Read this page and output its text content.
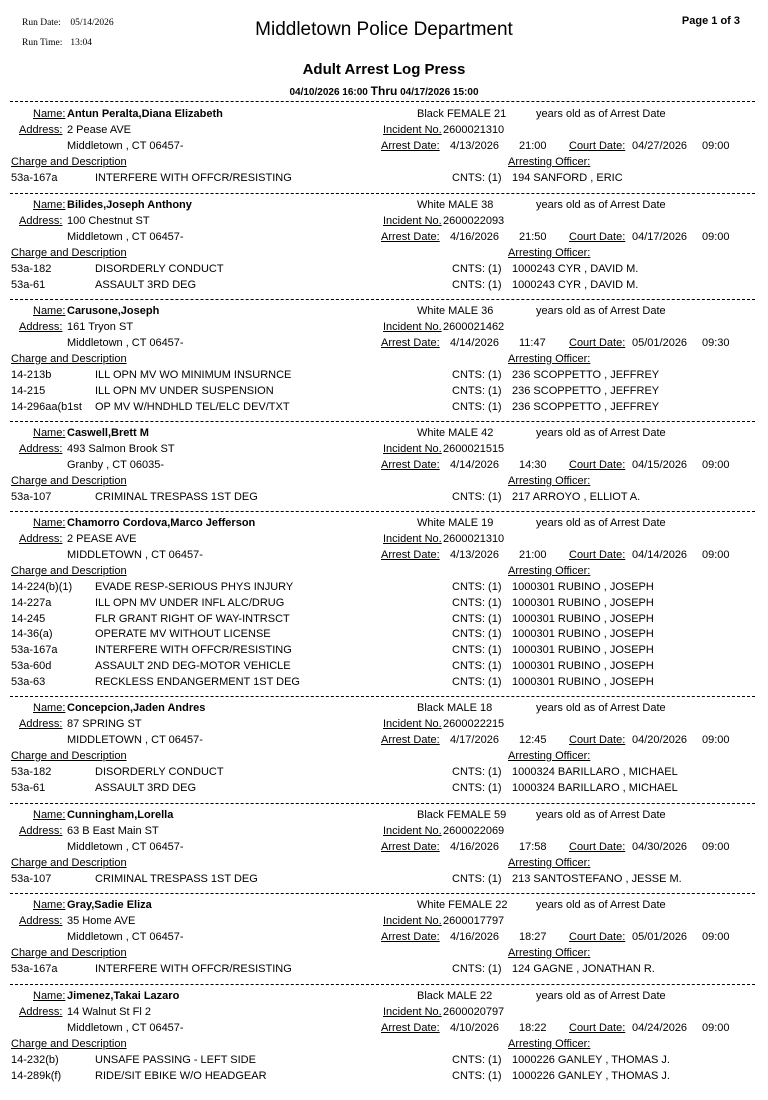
Run Date: 05/14/2026
Run Time: 13:04
Middletown Police Department	Page 1 of 3
Adult Arrest Log Press
04/10/2026 16:00 Thru 04/17/2026 15:00
Name: Antun Peralta,Diana Elizabeth	Black FEMALE 21	years old as of Arrest Date
Address: 2 Pease AVE	Incident No. 2600021310
Middletown , CT 06457-	Arrest Date: 4/13/2026 21:00 Court Date: 04/27/2026 09:00
Charge and Description	Arresting Officer:
53a-167a	INTERFERE WITH OFFCR/RESISTING	CNTS: (1) 194 SANFORD , ERIC
Name: Bilides,Joseph Anthony	White MALE 38	years old as of Arrest Date
Address: 100 Chestnut ST	Incident No. 2600022093
Middletown , CT 06457-	Arrest Date: 4/16/2026 21:50 Court Date: 04/17/2026 09:00
Charge and Description	Arresting Officer:
53a-182	DISORDERLY CONDUCT	CNTS: (1) 1000243 CYR , DAVID M.
53a-61	ASSAULT 3RD DEG	CNTS: (1) 1000243 CYR , DAVID M.
Name: Carusone,Joseph	White MALE 36	years old as of Arrest Date
Address: 161 Tryon ST	Incident No. 2600021462
Middletown , CT 06457-	Arrest Date: 4/14/2026 11:47 Court Date: 05/01/2026 09:30
Charge and Description	Arresting Officer:
14-213b	ILL OPN MV WO MINIMUM INSURNCE	CNTS: (1) 236 SCOPPETTO , JEFFREY
14-215	ILL OPN MV UNDER SUSPENSION	CNTS: (1) 236 SCOPPETTO , JEFFREY
14-296aa(b1st OP MV W/HNDHLD TEL/ELC DEV/TXT	CNTS: (1) 236 SCOPPETTO , JEFFREY
Name: Caswell,Brett M	White MALE 42	years old as of Arrest Date
Address: 493 Salmon Brook ST	Incident No. 2600021515
Granby , CT 06035-	Arrest Date: 4/14/2026 14:30 Court Date: 04/15/2026 09:00
Charge and Description	Arresting Officer:
53a-107	CRIMINAL TRESPASS 1ST DEG	CNTS: (1) 217 ARROYO , ELLIOT A.
Name: Chamorro Cordova,Marco Jefferson	White MALE 19	years old as of Arrest Date
Address: 2 PEASE AVE	Incident No. 2600021310
MIDDLETOWN , CT 06457-	Arrest Date: 4/13/2026 21:00 Court Date: 04/14/2026 09:00
Charge and Description	Arresting Officer:
14-224(b)(1) EVADE RESP-SERIOUS PHYS INJURY	CNTS: (1) 1000301 RUBINO , JOSEPH
14-227a	ILL OPN MV UNDER INFL ALC/DRUG	CNTS: (1) 1000301 RUBINO , JOSEPH
14-245	FLR GRANT RIGHT OF WAY-INTRSCT	CNTS: (1) 1000301 RUBINO , JOSEPH
14-36(a)	OPERATE MV WITHOUT LICENSE	CNTS: (1) 1000301 RUBINO , JOSEPH
53a-167a	INTERFERE WITH OFFCR/RESISTING	CNTS: (1) 1000301 RUBINO , JOSEPH
53a-60d	ASSAULT 2ND DEG-MOTOR VEHICLE	CNTS: (1) 1000301 RUBINO , JOSEPH
53a-63	RECKLESS ENDANGERMENT 1ST DEG	CNTS: (1) 1000301 RUBINO , JOSEPH
Name: Concepcion,Jaden Andres	Black MALE 18	years old as of Arrest Date
Address: 87 SPRING ST	Incident No. 2600022215
MIDDLETOWN , CT 06457-	Arrest Date: 4/17/2026 12:45 Court Date: 04/20/2026 09:00
Charge and Description	Arresting Officer:
53a-182	DISORDERLY CONDUCT	CNTS: (1) 1000324 BARILLARO , MICHAEL
53a-61	ASSAULT 3RD DEG	CNTS: (1) 1000324 BARILLARO , MICHAEL
Name: Cunningham,Lorella	Black FEMALE 59	years old as of Arrest Date
Address: 63 B East Main ST	Incident No. 2600022069
Middletown , CT 06457-	Arrest Date: 4/16/2026 17:58 Court Date: 04/30/2026 09:00
Charge and Description	Arresting Officer:
53a-107	CRIMINAL TRESPASS 1ST DEG	CNTS: (1) 213 SANTOSTEFANO , JESSE M.
Name: Gray,Sadie Eliza	White FEMALE 22	years old as of Arrest Date
Address: 35 Home AVE	Incident No. 2600017797
Middletown , CT 06457-	Arrest Date: 4/16/2026 18:27 Court Date: 05/01/2026 09:00
Charge and Description	Arresting Officer:
53a-167a	INTERFERE WITH OFFCR/RESISTING	CNTS: (1) 124 GAGNE , JONATHAN R.
Name: Jimenez,Takai Lazaro	Black MALE 22	years old as of Arrest Date
Address: 14 Walnut St Fl 2	Incident No. 2600020797
Middletown , CT 06457-	Arrest Date: 4/10/2026 18:22 Court Date: 04/24/2026 09:00
Charge and Description	Arresting Officer:
14-232(b)	UNSAFE PASSING - LEFT SIDE	CNTS: (1) 1000226 GANLEY , THOMAS J.
14-289k(f)	RIDE/SIT EBIKE W/O HEADGEAR	CNTS: (1) 1000226 GANLEY , THOMAS J.
